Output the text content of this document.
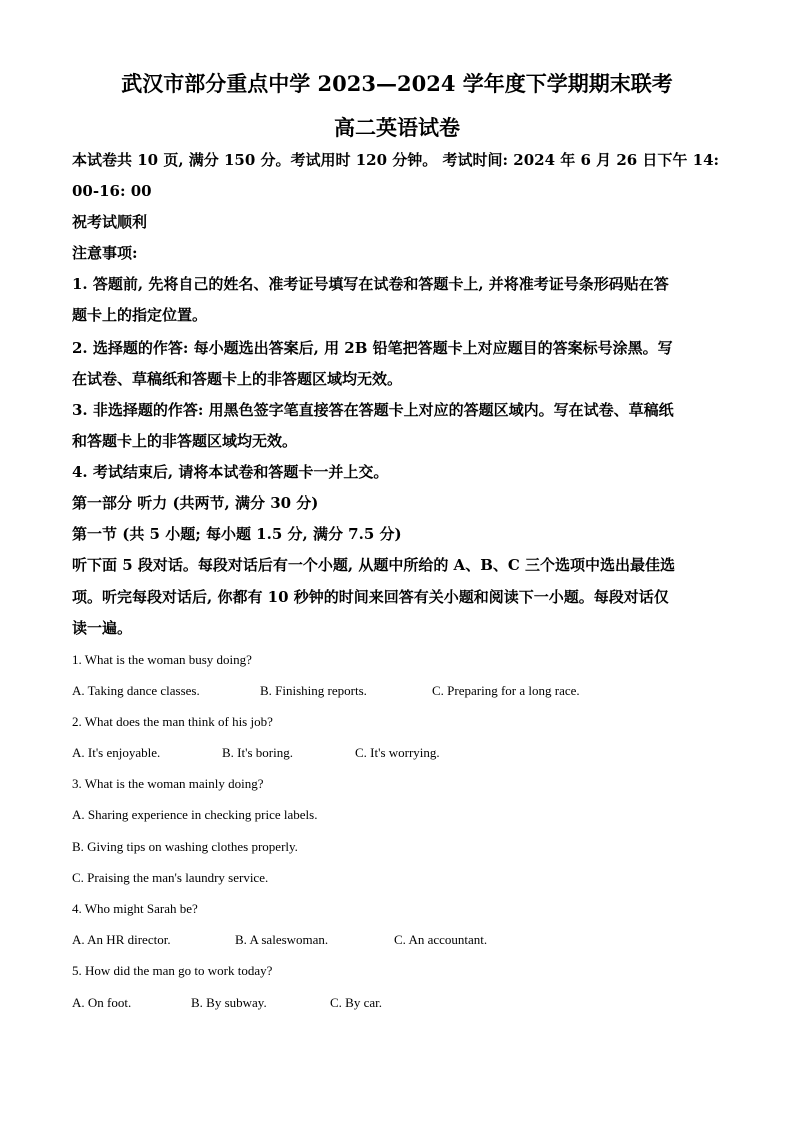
武汉市部分重点中学 2023—2024 学年度下学期期末联考
高二英语试卷
本试卷共 10 页, 满分 150 分。考试用时 120 分钟。 考试时间: 2024 年 6 月 26 日下午 14:
00-16: 00
祝考试顺利
注意事项:
1. 答题前, 先将自己的姓名、准考证号填写在试卷和答题卡上, 并将准考证号条形码贴在答
题卡上的指定位置。
2. 选择题的作答: 每小题选出答案后, 用 2B 铅笔把答题卡上对应题目的答案标号涂黑。写
在试卷、草稿纸和答题卡上的非答题区域均无效。
3. 非选择题的作答: 用黑色签字笔直接答在答题卡上对应的答题区域内。写在试卷、草稿纸
和答题卡上的非答题区域均无效。
4. 考试结束后, 请将本试卷和答题卡一并上交。
第一部分 听力 (共两节, 满分 30 分)
第一节 (共 5 小题; 每小题 1.5 分, 满分 7.5 分)
听下面 5 段对话。每段对话后有一个小题, 从题中所给的 A、B、C 三个选项中选出最佳选
项。听完每段对话后, 你都有 10 秒钟的时间来回答有关小题和阅读下一小题。每段对话仅
读一遍。
1. What is the woman busy doing?
A. Taking dance classes.	B. Finishing reports.	C. Preparing for a long race.
2. What does the man think of his job?
A. It's enjoyable.	B. It's boring.	C. It's worrying.
3. What is the woman mainly doing?
A. Sharing experience in checking price labels.
B. Giving tips on washing clothes properly.
C. Praising the man's laundry service.
4. Who might Sarah be?
A. An HR director.	B. A saleswoman.	C. An accountant.
5. How did the man go to work today?
A. On foot.	B. By subway.	C. By car.
